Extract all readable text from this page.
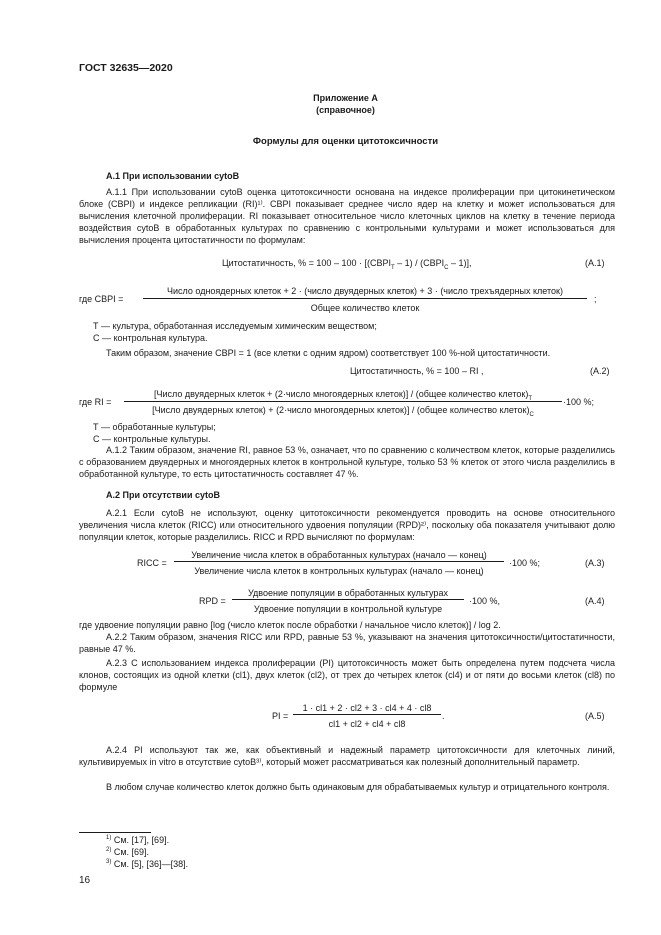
ГОСТ 32635—2020
Приложение А
(справочное)
Формулы для оценки цитотоксичности
А.1 При использовании cytoB

А.1.1 При использовании cytoB оценка цитотоксичности основана на индексе пролиферации при цитокинетическом блоке (CBPI) и индексе репликации (RI)¹⁾. CBPI показывает среднее число ядер на клетку и может использоваться для вычисления клеточной пролиферации. RI показывает относительное число клеточных циклов на клетку в течение периода воздействия cytoB в обработанных культурах по сравнению с контрольными культурами и может использоваться для вычисления процента цитостатичности по формулам:

Цитостатичность, % = $100 - 100 \cdot [(CBPI_T - 1)$ / $(CBPI_C - 1)$],	(А.1)
где CBPI =
Число одноядерных клеток + 2 · (число двуядерных клеток) + 3 · (число трехъядерных клеток)
Общее количество клеток
;
Т — культура, обработанная исследуемым химическим веществом;
С — контрольная культура.
Таким образом, значение CBPI = 1 (все клетки с одним ядром) соответствует 100 %-ной цитостатичности.
Цитостатичность, % = 100 – RI ,	(А.2)
где RI =
[Число двуядерных клеток + (2·число многоядерных клеток)] / (общее количество $клеток)_T$
[Число двуядерных клеток) + (2·число многоядерных клеток)] / (общее количество $клеток)_C$
·100 %;
Т — обработанные культуры;
С — контрольные культуры.

А.1.2 Таким образом, значение RI, равное 53 %, означает, что по сравнению с количеством клеток, которые разделились с образованием двуядерных и многоядерных клеток в контрольной культуре, только 53 % клеток от этого числа разделились в обработанной культуре, то есть цитостатичность составляет 47 %.

А.2 При отсутствии cytoB

А.2.1 Если cytoB не используют, оценку цитотоксичности рекомендуется проводить на основе относительного увеличения числа клеток (RICC) или относительного удвоения популяции (RPD)²⁾, поскольку оба показателя учитывают долю популяции клеток, которые разделились. RICC и RPD вычисляют по формулам:

RICC =
Увеличение числа клеток в обработанных культурах (начало — конец)
Увеличение числа клеток в контрольных культурах (начало — конец)
·100 %;	(А.3)
RPD =
Удвоение популяции в обработанных культурах
Удвоение популяции в контрольной культуре
·100 %,	(А.4)
где удвоение популяции равно [log (число клеток после обработки / начальное число клеток)] / log 2.

А.2.2 Таким образом, значения RICC или RPD, равные 53 %, указывают на значения цитотоксичности/цитостатичности, равные 47 %.

А.2.3 С использованием индекса пролиферации (PI) цитотоксичность может быть определена путем подсчета числа клонов, состоящих из одной клетки (cl1), двух клеток (cl2), от трех до четырех клеток (cl4) и от пяти до восьми клеток (cl8) по формуле

PI =
1 · cl1 + 2 · cl2 + 3 · cl4 + 4 · cl8
cl1 + cl2 + cl4 + cl8
.	(А.5)

А.2.4 PI используют так же, как объективный и надежный параметр цитотоксичности для клеточных линий, культивируемых in vitro в отсутствие cytoB³⁾, который может рассматриваться как полезный дополнительный параметр.

В любом случае количество клеток должно быть одинаковым для обрабатываемых культур и отрицательного контроля.

$^{1)}$ См. [17], [69].
$^{2)}$ См. [69].
$^{3)}$ См. [5], [36]—[38].
16
